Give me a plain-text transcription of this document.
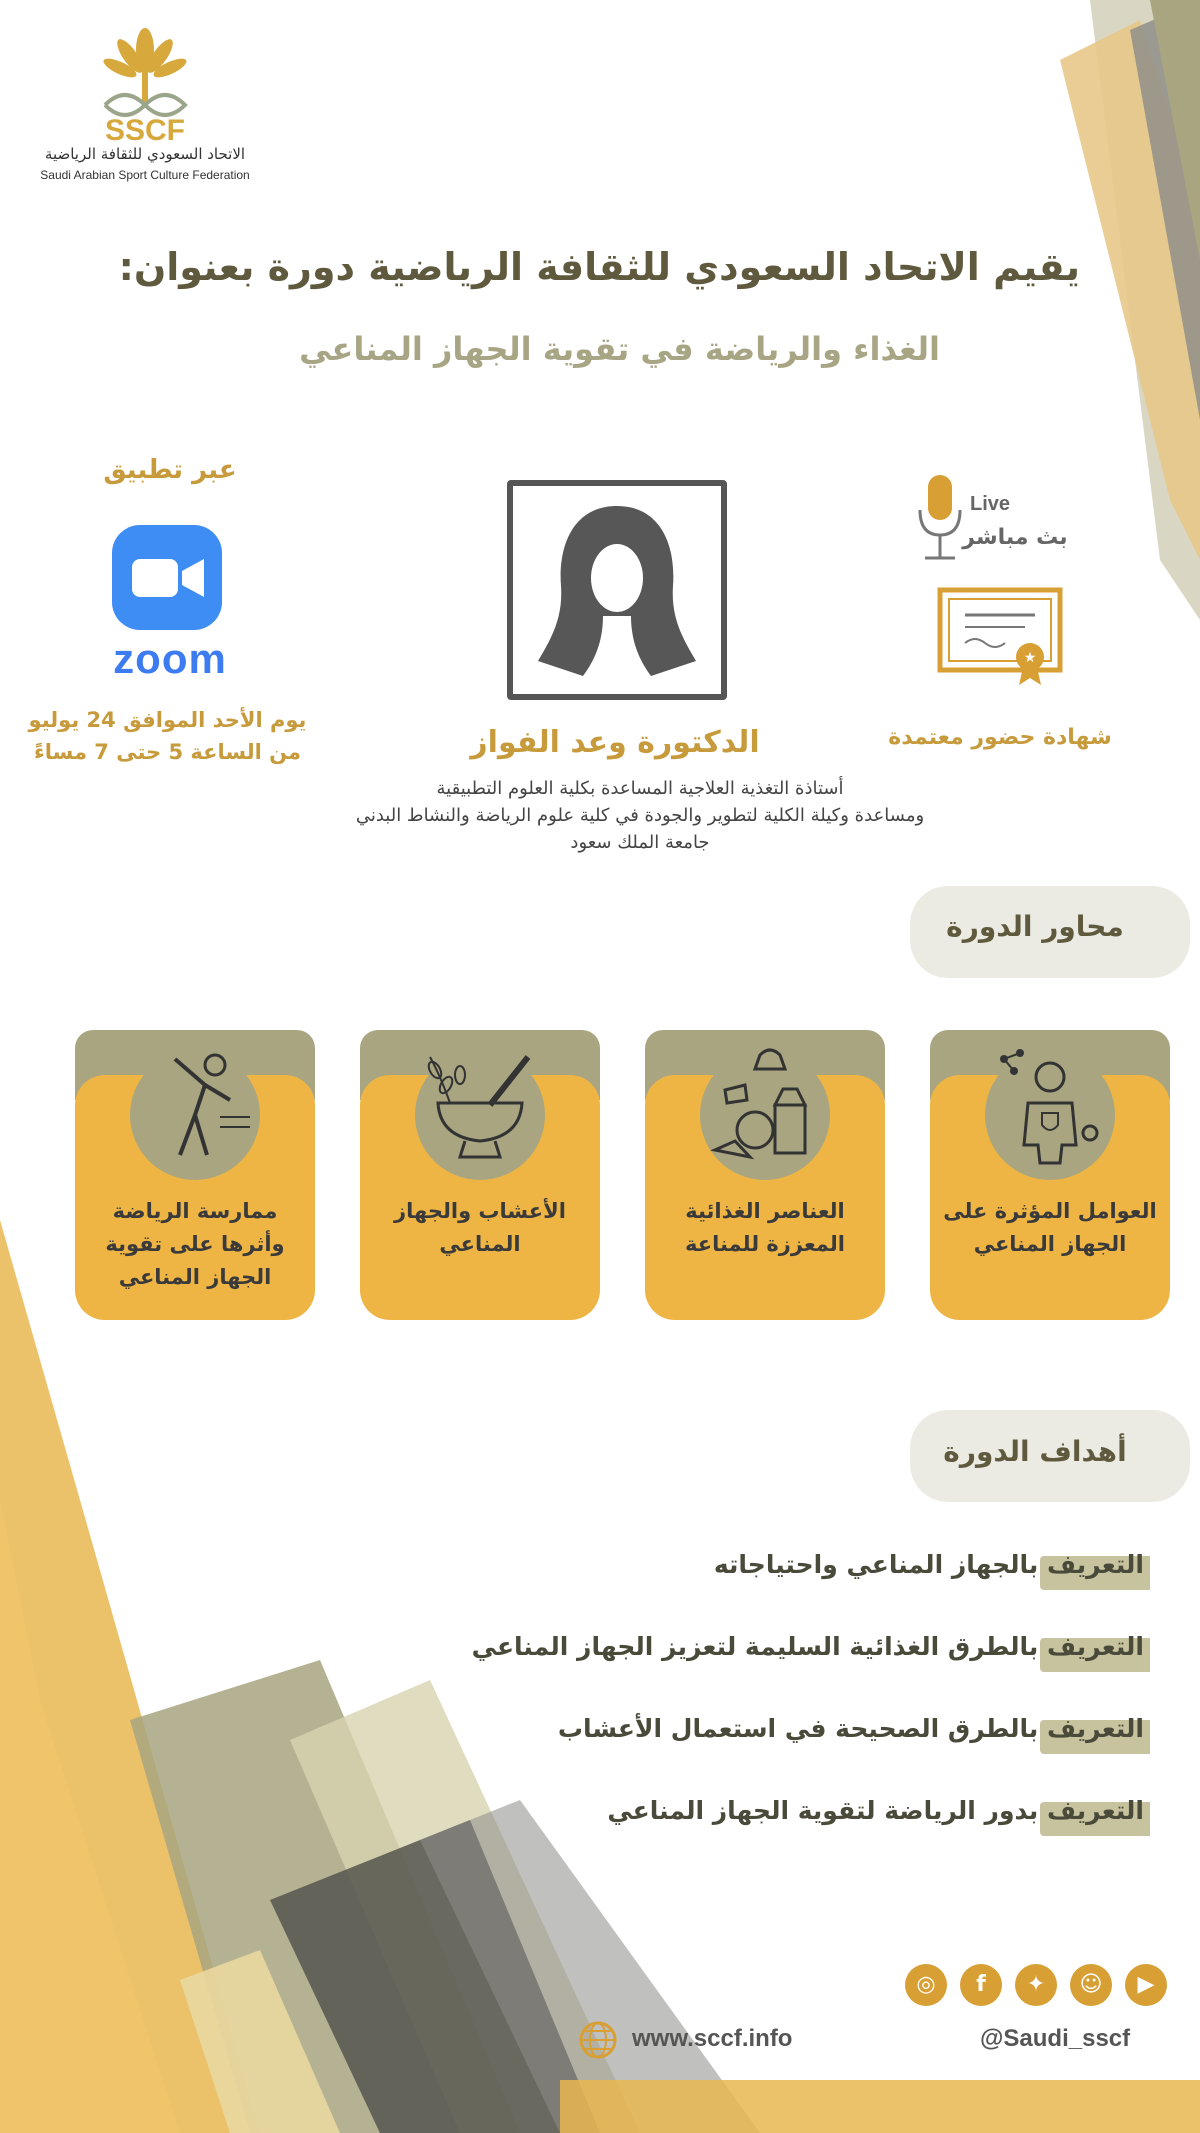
SSCF
الاتحاد السعودي للثقافة الرياضية
Saudi Arabian Sport Culture Federation
يقيم الاتحاد السعودي للثقافة الرياضية دورة بعنوان:
الغذاء والرياضة في تقوية الجهاز المناعي
عبر تطبيق
zoom
يوم الأحد الموافق 24 يوليو
من الساعة 5 حتى 7 مساءً	الدكتورة وعد الفواز
أستاذة التغذية العلاجية المساعدة بكلية العلوم التطبيقية
ومساعدة وكيلة الكلية لتطوير والجودة في كلية علوم الرياضة والنشاط البدني
جامعة الملك سعود
Live
بث مباشر
★
شهادة حضور معتمدة
محاور الدورة
العوامل المؤثرة على الجهاز المناعي
العناصر الغذائية المعززة للمناعة
الأعشاب والجهاز المناعي
ممارسة الرياضة وأثرها على تقوية الجهاز المناعي
أهداف الدورة
التعريف بالجهاز المناعي واحتياجاته
التعريف بالطرق الغذائية السليمة لتعزيز الجهاز المناعي
التعريف بالطرق الصحيحة في استعمال الأعشاب
التعريف بدور الرياضة لتقوية الجهاز المناعي
◎	f	✦	☺	▶
www.sccf.info	@Saudi_sscf
